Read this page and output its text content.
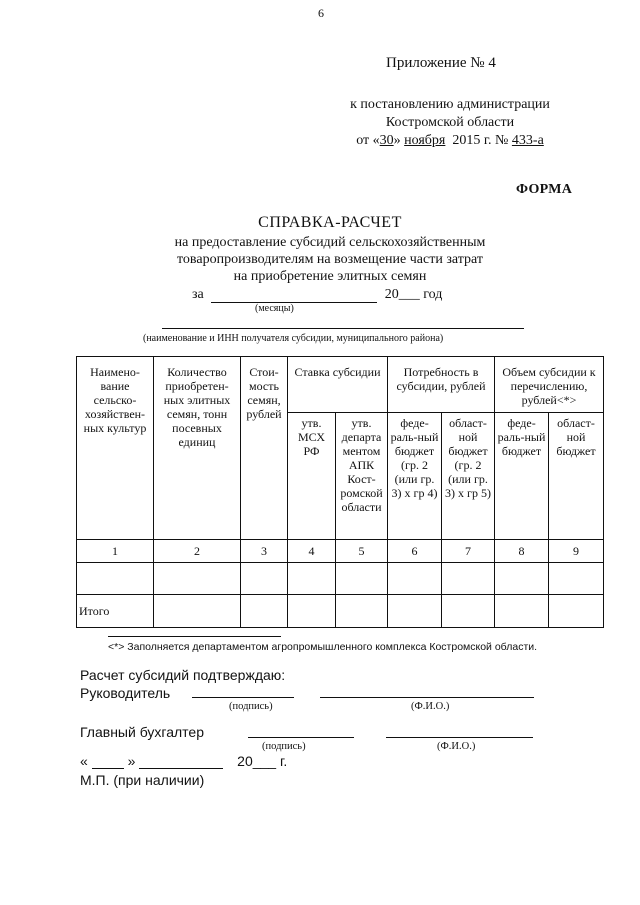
6
Приложение № 4
к постановлению администрации
Костромской области
от «30» ноября  2015 г. № 433-а
ФОРМА
СПРАВКА-РАСЧЕТ
на предоставление субсидий сельскохозяйственным
товаропроизводителям на возмещение части затрат
на приобретение элитных семян
за	20___ год
(месяцы)
(наименование и ИНН получателя субсидии, муниципального района)
Наимено-вание сельско-хозяйствен-ных культур	Количество приобретен-ных элитных семян, тонн посевных единиц	Стои-мость семян, рублей	Ставка субсидии		Потребность в субсидии, рублей		Объем субсидии к перечислению, рублей<*>	
			утв. МСХ РФ	утв. департа ментом АПК Кост-ромской области	феде-раль-ный бюджет (гр. 2 (или гр. 3) х гр 4)	област-ной бюджет (гр. 2 (или гр. 3) х гр 5)	феде-раль-ный бюджет	област-ной бюджет
1	2	3	4	5	6	7	8	9

Итого								
<*> Заполняется департаментом агропромышленного комплекса Костромской области.
Расчет субсидий подтверждаю:
Руководитель
(подпись)	(Ф.И.О.)
Главный бухгалтер
(подпись)	(Ф.И.О.)
«	»	20___ г.
М.П. (при наличии)
